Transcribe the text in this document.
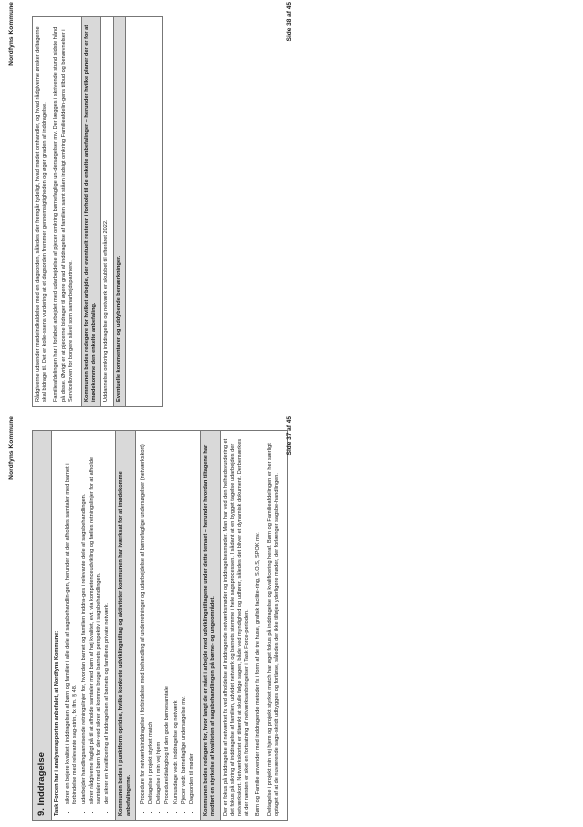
Nordfyns Kommune
9. Inddragelse

Task Forcen har i analyserapporten anbefalet, at Nordfyns Kommune: • sikrer en bejere kvalitet i inddragelsen af børn og familier i alle dele af sagsbehandlin-gen, herunder at der afholdes samtaler med barnet i forbindelse med relevante sag-strin, fx ifm. § 48. • udarbejder handlingsanvisende retningslinjer for, hvordan barnet og familien inddra-ges i relevante dele af sagsbehandlingen. • sikrer rådgiverne fagligt på til at afholde samtaler med børn af høj kvalitet, evt. via kompetenceudvikling og fælles retningslinjer for at afholde samtaler med børn for der-ved sikrer at komme bruge barnets perspektiv i sagsbehandlingen. • der sikrer en kvalificering af inddragelsen af barnets og familiens private netværk.

Kommunen bedes i punktform opridse, hvilke konkrete udviklingstiltag og aktiviteter kommunen har iværksat for at imødekomme anbefalingerne.

• Procedure for netværksinddragelse i forbindelse med behandling af underretninger og udarbejdelse af børnefaglige undersøgelser (netværkskort) • Deltagelse i projekt styrket match • Deltagelse i min vej hjem • Procedure/dialogbog til den gode børnesamtale • Kursusdage vedr. inddragelse og netværk • Pjecer vedr. børnefaglige undersøgelse mv. • Dagsorden til møder

Kommunen bedes redegøre for, hvor langt de er nået i arbejde med udviklingstiltagene under dette temaet – herunder hvordan tiltagene har medført en styrkelse af kvaliteten af sagsbehandlingen på børne- og ungeområdet.

Der er fokus på inddragelse af netværket fx ved afholdelse af inddragende netværksmøder og inddragelsesmøder. Man har ved den helhedsvurdering et det fokus på sikring af inddragelse af familien, udvidet netværk og barnets stemme i hele sagsprocessen. I sådant at en bygget tagelse udarbejdes der netværkskort. Netværkskortet er tiltænkt at skulle følge sagen, både ved myndighed og udfører, således det bliver et dynamisk dokument. Derbemærkes at der næsten er sket en fortsatning af netværksanbringelser i Task Force-perioden. Børn og Familie anvender med inddragende metoder fx i form af de tre huse, grafisk facilite-ring, S.O.S, SPOK mv. Deltagelse i projekt min vej hjem og projekt styrket match har øget fokus på inddragelse og kvalificering heraf. Børn og Familieafdelingen er her særligt optaget af at de nuværende sags-skridt udbygges og fortløse, således der ikke tilføjes yderligere møder, der forlænger sagsbe-handlingen.

Side 37 af 45
Nordfyns Kommune	Rådgiverne udsender mødeindkaldelse med en dagsorden, således der fremgår tydeligt, hvad mødet omhandler, og hvad rådgiverne ønsker deltagerne skal bidrage til. Det er kolle-ssens vurdering at et dagsorden fremmer gennemsigtigheden og øger graden af inddragelse. Familieafdelingen har i forløbet arbejdet med udarbejdelse af pjecer omkring børnefaglige un-dersøgelser mv. Der lægges i skrivende stund sidste hånd på disse. Øvrigt er at pjecerne bidrager til øgere grad af inddragelse af familien samt ståen indsigt omkring Familieafdelin-gens tilbud og benævnelser i Servicelloven for borgere såvel som samarbejdspartnere.

Kommunen bedes redegøre for hvilket arbejde, der eventuelt resterer i forhold til de enkelte anbefalinger – herunder hvilke planer der er for at imødekomme den enkelte anbefaling.
Uddannelse omkring inddragelse og netværk er skubbet til efteråret 2022.
Eventuelle kommentarer og uddybende bemærkninger.

Side 38 af 45
